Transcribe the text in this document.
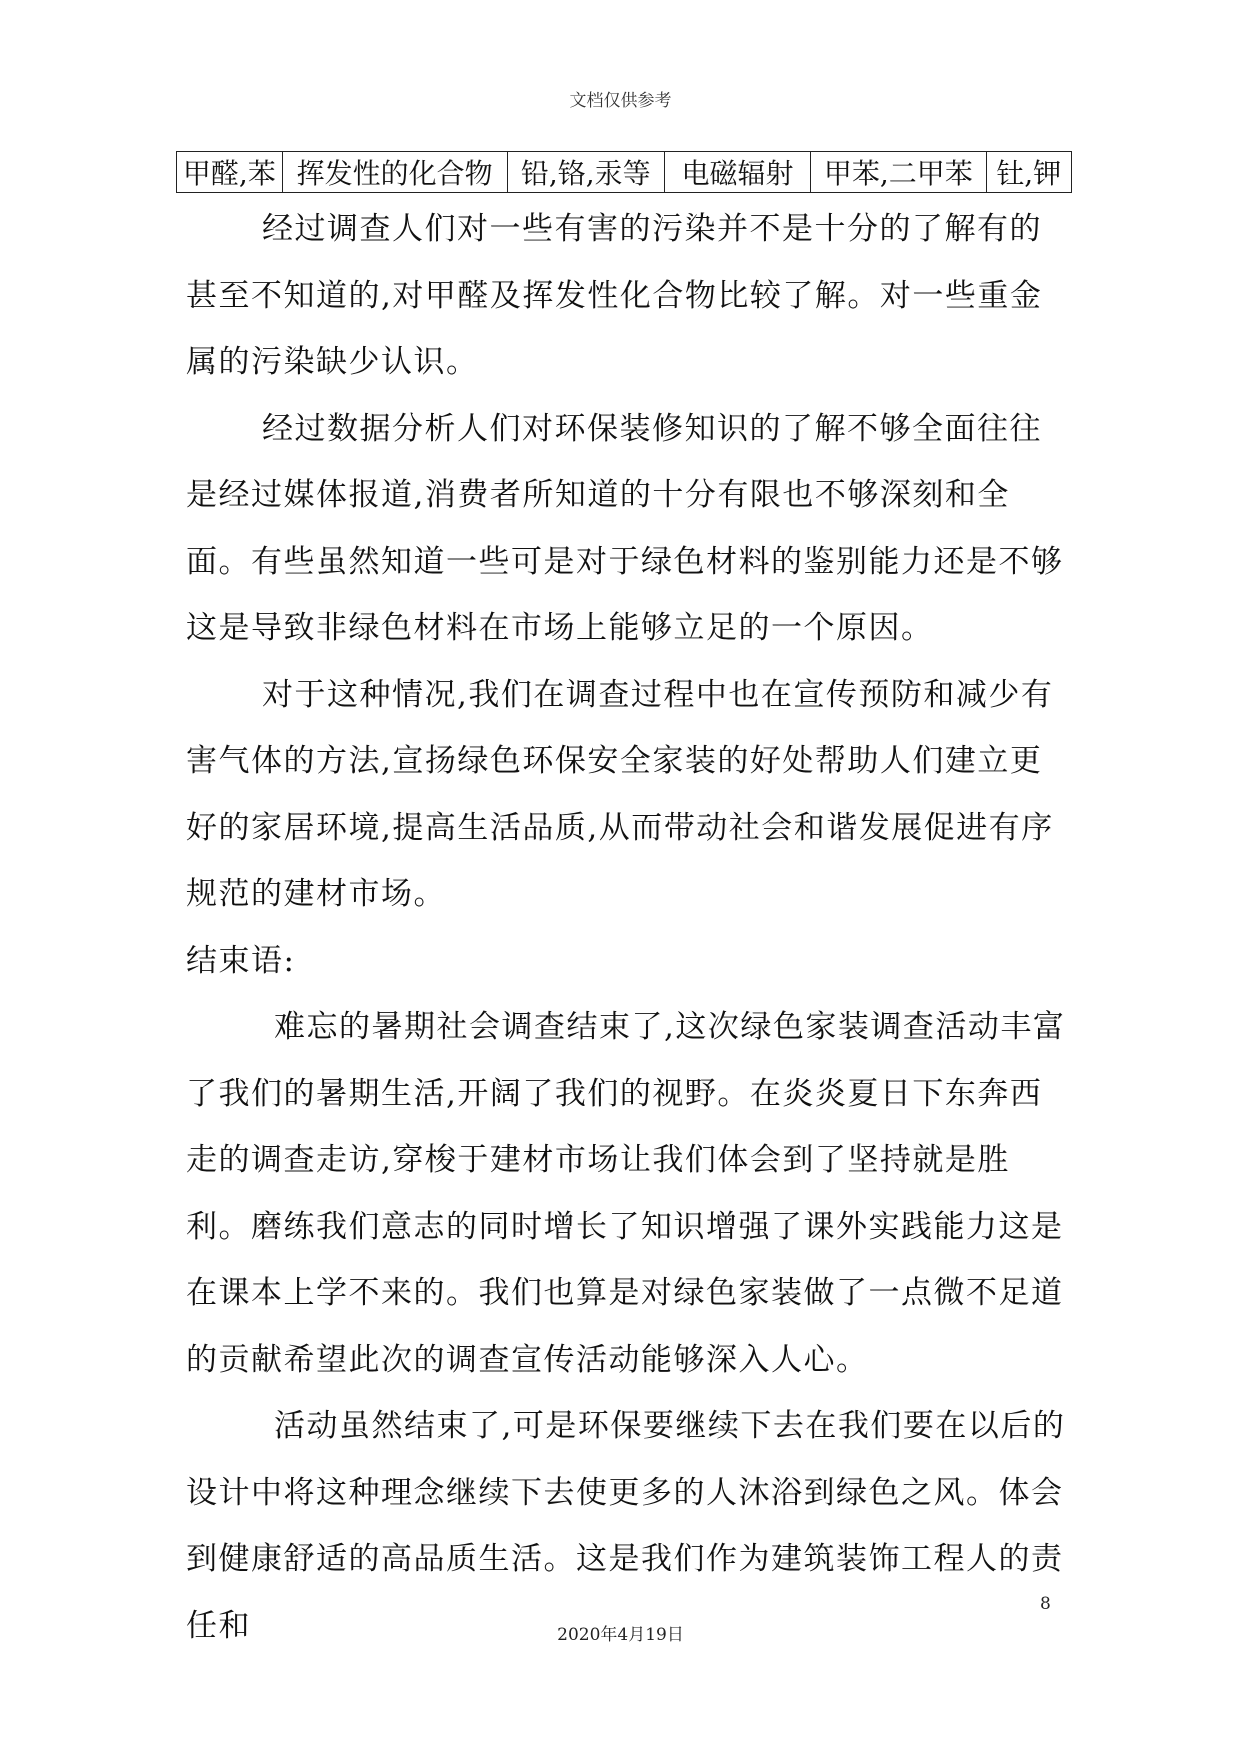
文档仅供参考
甲醛,苯	挥发性的化合物	铅,铬,汞等	电磁辐射	甲苯,二甲苯	钍,钾

经过调查人们对一些有害的污染并不是十分的了解有的甚至不知道的,对甲醛及挥发性化合物比较了解。对一些重金属的污染缺少认识。

经过数据分析人们对环保装修知识的了解不够全面往往是经过媒体报道,消费者所知道的十分有限也不够深刻和全面。有些虽然知道一些可是对于绿色材料的鉴别能力还是不够这是导致非绿色材料在市场上能够立足的一个原因。

对于这种情况,我们在调查过程中也在宣传预防和减少有害气体的方法,宣扬绿色环保安全家装的好处帮助人们建立更好的家居环境,提高生活品质,从而带动社会和谐发展促进有序规范的建材市场。

结束语:

难忘的暑期社会调查结束了,这次绿色家装调查活动丰富了我们的暑期生活,开阔了我们的视野。在炎炎夏日下东奔西走的调查走访,穿梭于建材市场让我们体会到了坚持就是胜利。磨练我们意志的同时增长了知识增强了课外实践能力这是在课本上学不来的。我们也算是对绿色家装做了一点微不足道的贡献希望此次的调查宣传活动能够深入人心。

活动虽然结束了,可是环保要继续下去在我们要在以后的设计中将这种理念继续下去使更多的人沐浴到绿色之风。体会到健康舒适的高品质生活。这是我们作为建筑装饰工程人的责任和

8
2020年4月19日
